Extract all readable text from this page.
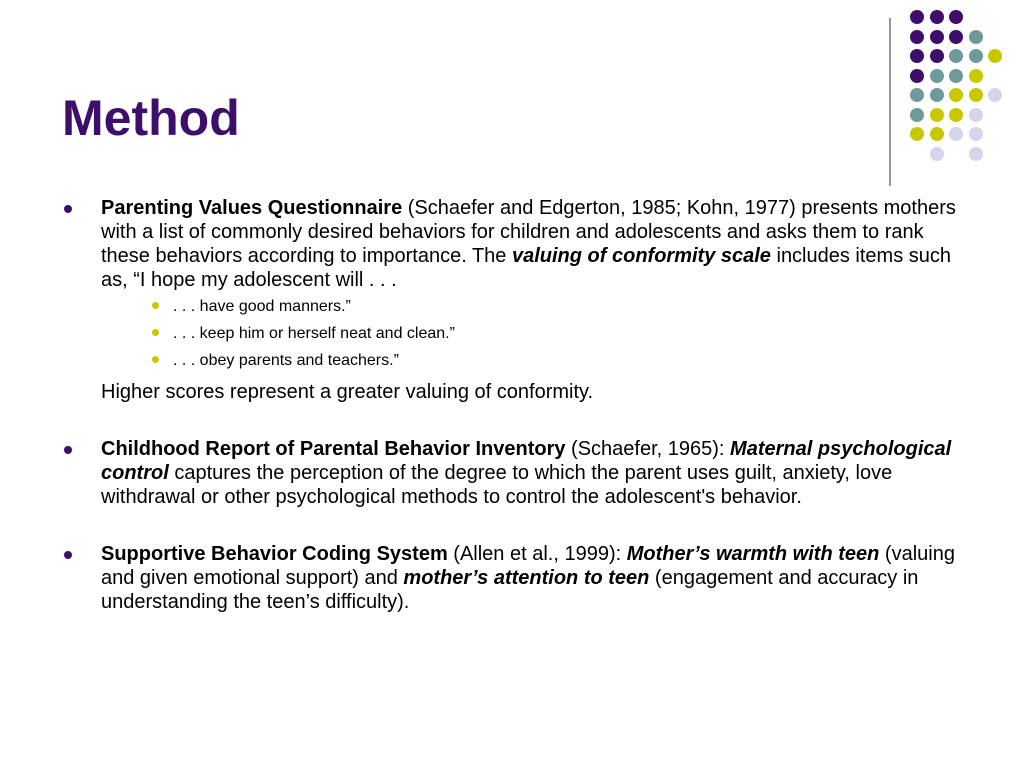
Method
Parenting Values Questionnaire (Schaefer and Edgerton, 1985; Kohn, 1977) presents mothers with a list of commonly desired behaviors for children and adolescents and asks them to rank these behaviors according to importance. The valuing of conformity scale includes items such as, “I hope my adolescent will . . .
. . . have good manners.”
. . . keep him or herself neat and clean.”
. . . obey parents and teachers.”
Higher scores represent a greater valuing of conformity.
Childhood Report of Parental Behavior Inventory (Schaefer, 1965): Maternal psychological control captures the perception of the degree to which the parent uses guilt, anxiety, love withdrawal or other psychological methods to control the adolescent's behavior.
Supportive Behavior Coding System (Allen et al., 1999): Mother’s warmth with teen (valuing and given emotional support) and mother’s attention to teen (engagement and accuracy in understanding the teen’s difficulty).
